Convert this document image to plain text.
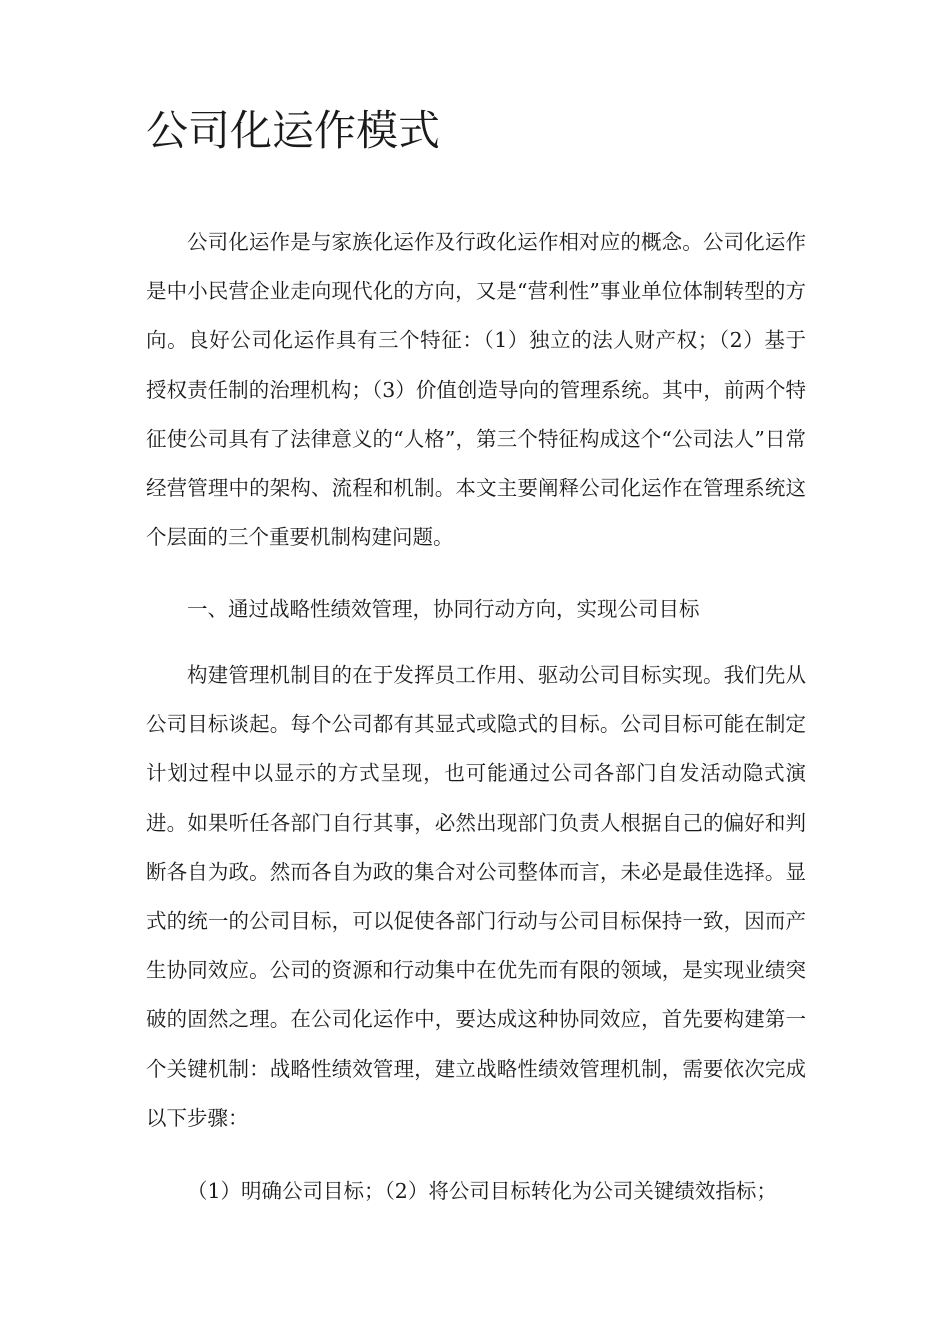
公司化运作模式

公司化运作是与家族化运作及行政化运作相对应的概念。公司化运作是中小民营企业走向现代化的方向，又是“营利性”事业单位体制转型的方向。良好公司化运作具有三个特征：（1）独立的法人财产权；（2）基于授权责任制的治理机构；（3）价值创造导向的管理系统。其中，前两个特征使公司具有了法律意义的“人格”，第三个特征构成这个“公司法人”日常经营管理中的架构、流程和机制。本文主要阐释公司化运作在管理系统这个层面的三个重要机制构建问题。

一、通过战略性绩效管理，协同行动方向，实现公司目标

构建管理机制目的在于发挥员工作用、驱动公司目标实现。我们先从公司目标谈起。每个公司都有其显式或隐式的目标。公司目标可能在制定计划过程中以显示的方式呈现，也可能通过公司各部门自发活动隐式演进。如果听任各部门自行其事，必然出现部门负责人根据自己的偏好和判断各自为政。然而各自为政的集合对公司整体而言，未必是最佳选择。显式的统一的公司目标，可以促使各部门行动与公司目标保持一致，因而产生协同效应。公司的资源和行动集中在优先而有限的领域，是实现业绩突破的固然之理。在公司化运作中，要达成这种协同效应，首先要构建第一个关键机制：战略性绩效管理，建立战略性绩效管理机制，需要依次完成以下步骤：

（1）明确公司目标；（2）将公司目标转化为公司关键绩效指标；
